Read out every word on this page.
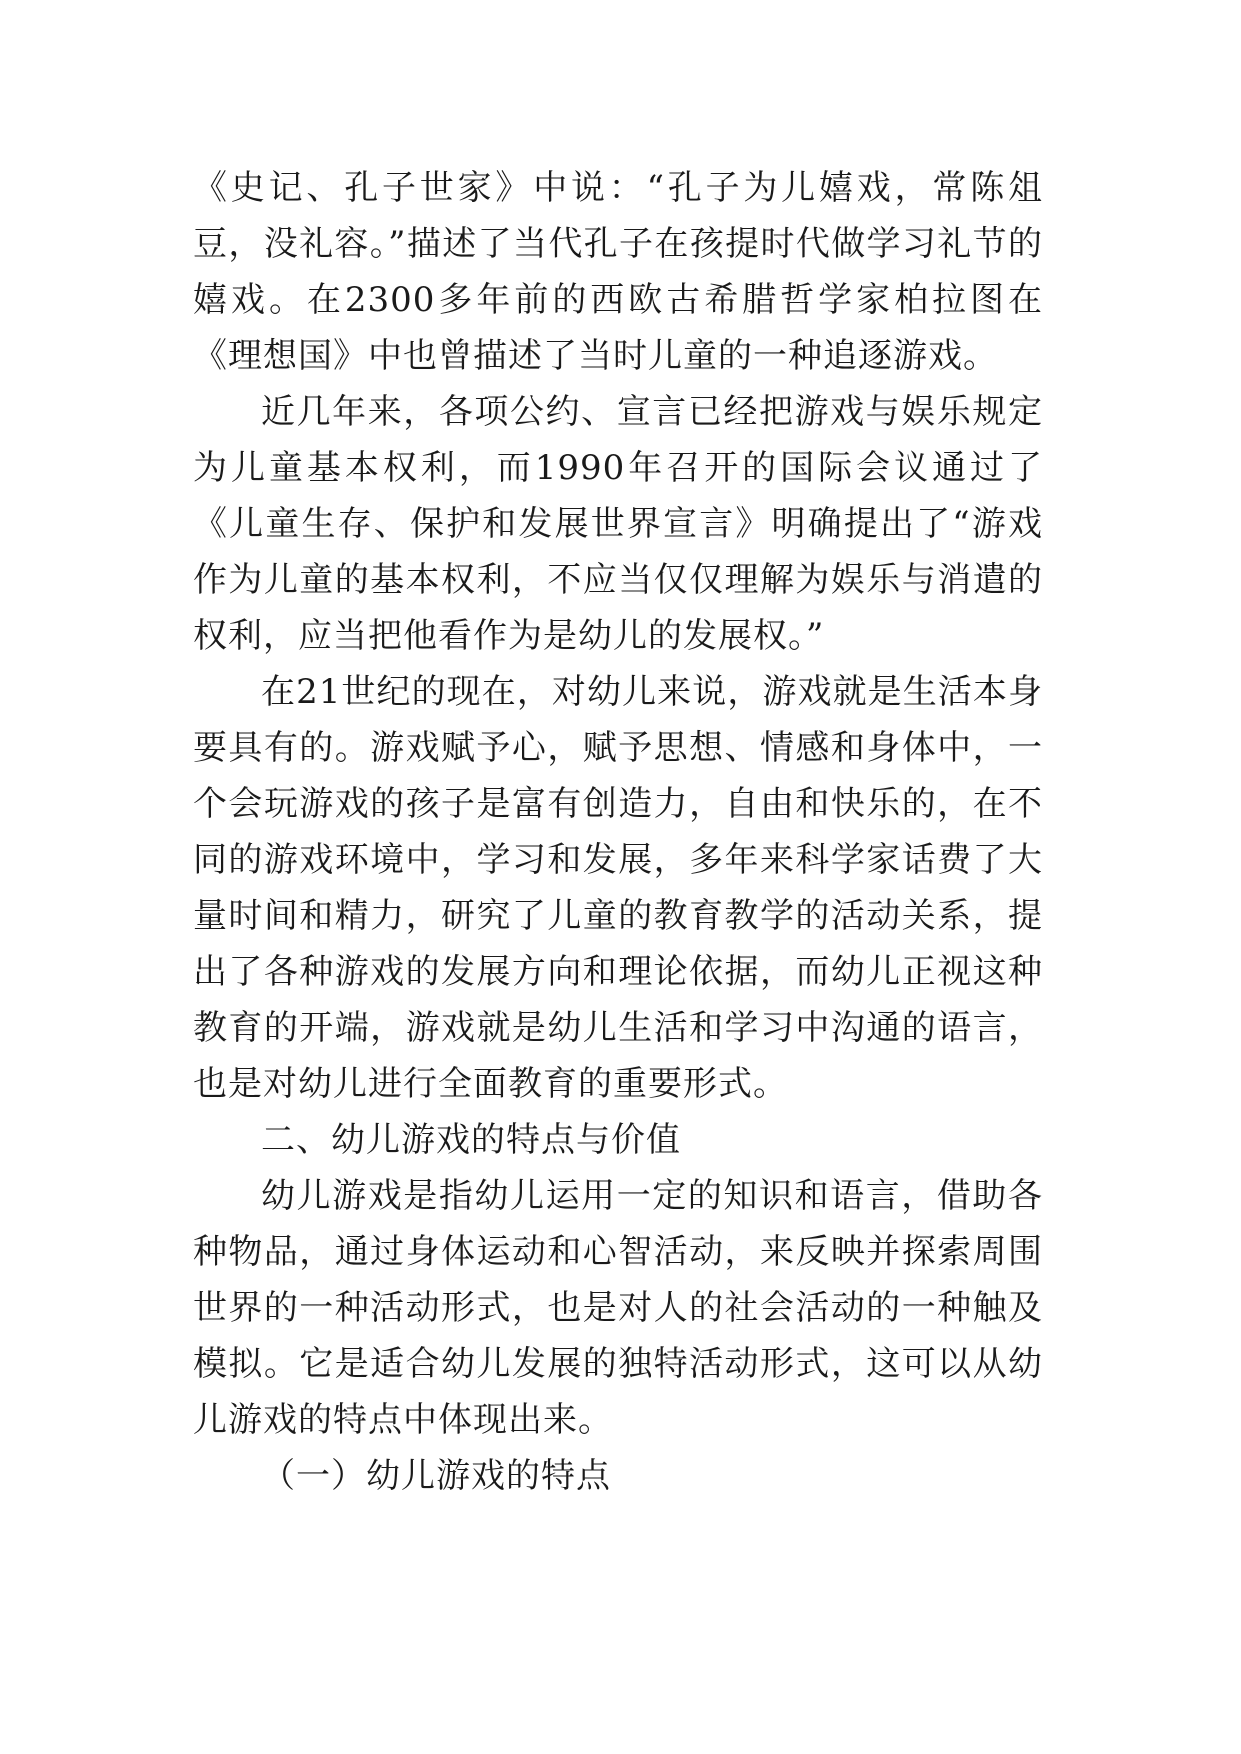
《史记、孔子世家》中说：“孔子为儿嬉戏，常陈俎豆，没礼容。”描述了当代孔子在孩提时代做学习礼节的嬉戏。在2300多年前的西欧古希腊哲学家柏拉图在《理想国》中也曾描述了当时儿童的一种追逐游戏。

近几年来，各项公约、宣言已经把游戏与娱乐规定为儿童基本权利，而1990年召开的国际会议通过了《儿童生存、保护和发展世界宣言》明确提出了“游戏作为儿童的基本权利，不应当仅仅理解为娱乐与消遣的权利，应当把他看作为是幼儿的发展权。”

在21世纪的现在，对幼儿来说，游戏就是生活本身要具有的。游戏赋予心，赋予思想、情感和身体中，一个会玩游戏的孩子是富有创造力，自由和快乐的，在不同的游戏环境中，学习和发展，多年来科学家话费了大量时间和精力，研究了儿童的教育教学的活动关系，提出了各种游戏的发展方向和理论依据，而幼儿正视这种教育的开端，游戏就是幼儿生活和学习中沟通的语言，也是对幼儿进行全面教育的重要形式。

二、幼儿游戏的特点与价值

幼儿游戏是指幼儿运用一定的知识和语言，借助各种物品，通过身体运动和心智活动，来反映并探索周围世界的一种活动形式，也是对人的社会活动的一种触及模拟。它是适合幼儿发展的独特活动形式，这可以从幼儿游戏的特点中体现出来。

（一）幼儿游戏的特点
